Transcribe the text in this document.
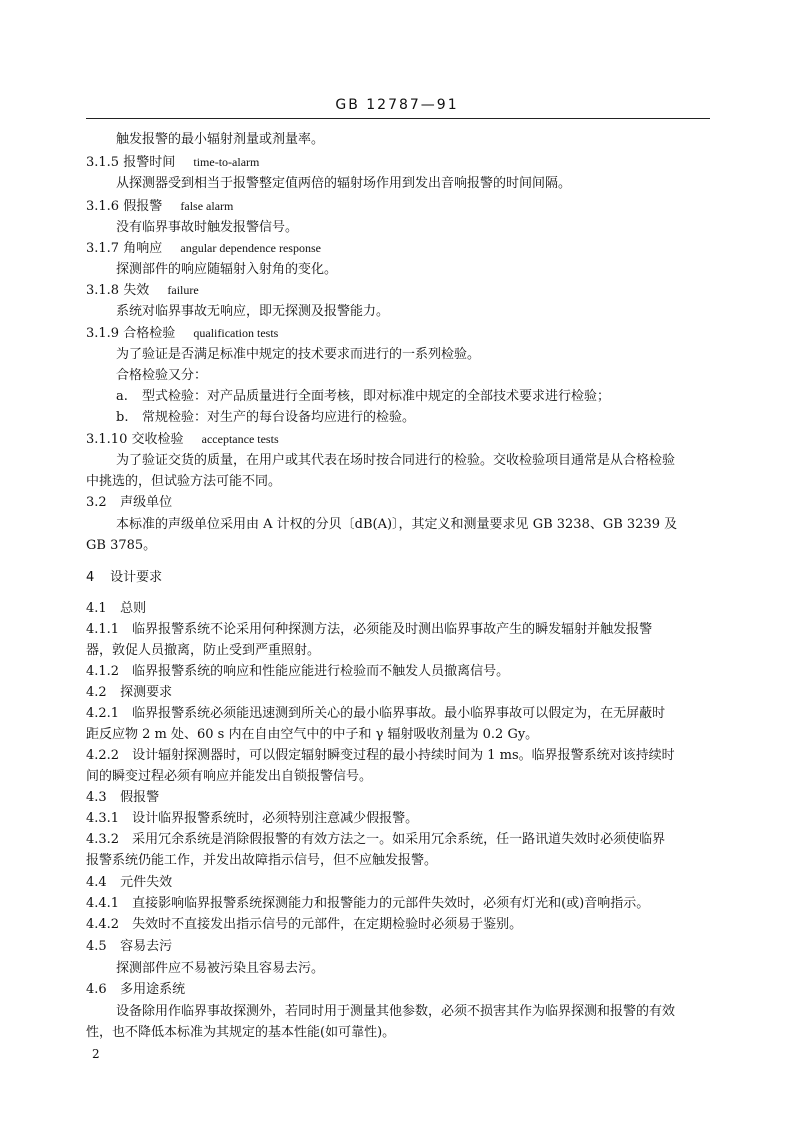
GB 12787—91
触发报警的最小辐射剂量或剂量率。
3.1.5 报警时间 time-to-alarm
从探测器受到相当于报警整定值两倍的辐射场作用到发出音响报警的时间间隔。
3.1.6 假报警 false alarm
没有临界事故时触发报警信号。
3.1.7 角响应 angular dependence response
探测部件的响应随辐射入射角的变化。
3.1.8 失效 failure
系统对临界事故无响应，即无探测及报警能力。
3.1.9 合格检验 qualification tests
为了验证是否满足标准中规定的技术要求而进行的一系列检验。
合格检验又分：
a. 型式检验：对产品质量进行全面考核，即对标准中规定的全部技术要求进行检验；
b. 常规检验：对生产的每台设备均应进行的检验。
3.1.10 交收检验 acceptance tests
为了验证交货的质量，在用户或其代表在场时按合同进行的检验。交收检验项目通常是从合格检验
中挑选的，但试验方法可能不同。
3.2 声级单位
本标准的声级单位采用由 A 计权的分贝〔dB(A)〕，其定义和测量要求见 GB 3238、GB 3239 及
GB 3785。
4 设计要求
4.1 总则
4.1.1　临界报警系统不论采用何种探测方法，必须能及时测出临界事故产生的瞬发辐射并触发报警
器，敦促人员撤离，防止受到严重照射。
4.1.2　临界报警系统的响应和性能应能进行检验而不触发人员撤离信号。
4.2 探测要求
4.2.1　临界报警系统必须能迅速测到所关心的最小临界事故。最小临界事故可以假定为，在无屏蔽时
距反应物 2 m 处、60 s 内在自由空气中的中子和 γ 辐射吸收剂量为 0.2 Gy。
4.2.2　设计辐射探测器时，可以假定辐射瞬变过程的最小持续时间为 1 ms。临界报警系统对该持续时
间的瞬变过程必须有响应并能发出自锁报警信号。
4.3 假报警
4.3.1　设计临界报警系统时，必须特别注意减少假报警。
4.3.2　采用冗余系统是消除假报警的有效方法之一。如采用冗余系统，任一路讯道失效时必须使临界
报警系统仍能工作，并发出故障指示信号，但不应触发报警。
4.4 元件失效
4.4.1　直接影响临界报警系统探测能力和报警能力的元部件失效时，必须有灯光和(或)音响指示。
4.4.2　失效时不直接发出指示信号的元部件，在定期检验时必须易于鉴别。
4.5 容易去污
探测部件应不易被污染且容易去污。
4.6 多用途系统
设备除用作临界事故探测外，若同时用于测量其他参数，必须不损害其作为临界探测和报警的有效
性，也不降低本标准为其规定的基本性能(如可靠性)。
2
